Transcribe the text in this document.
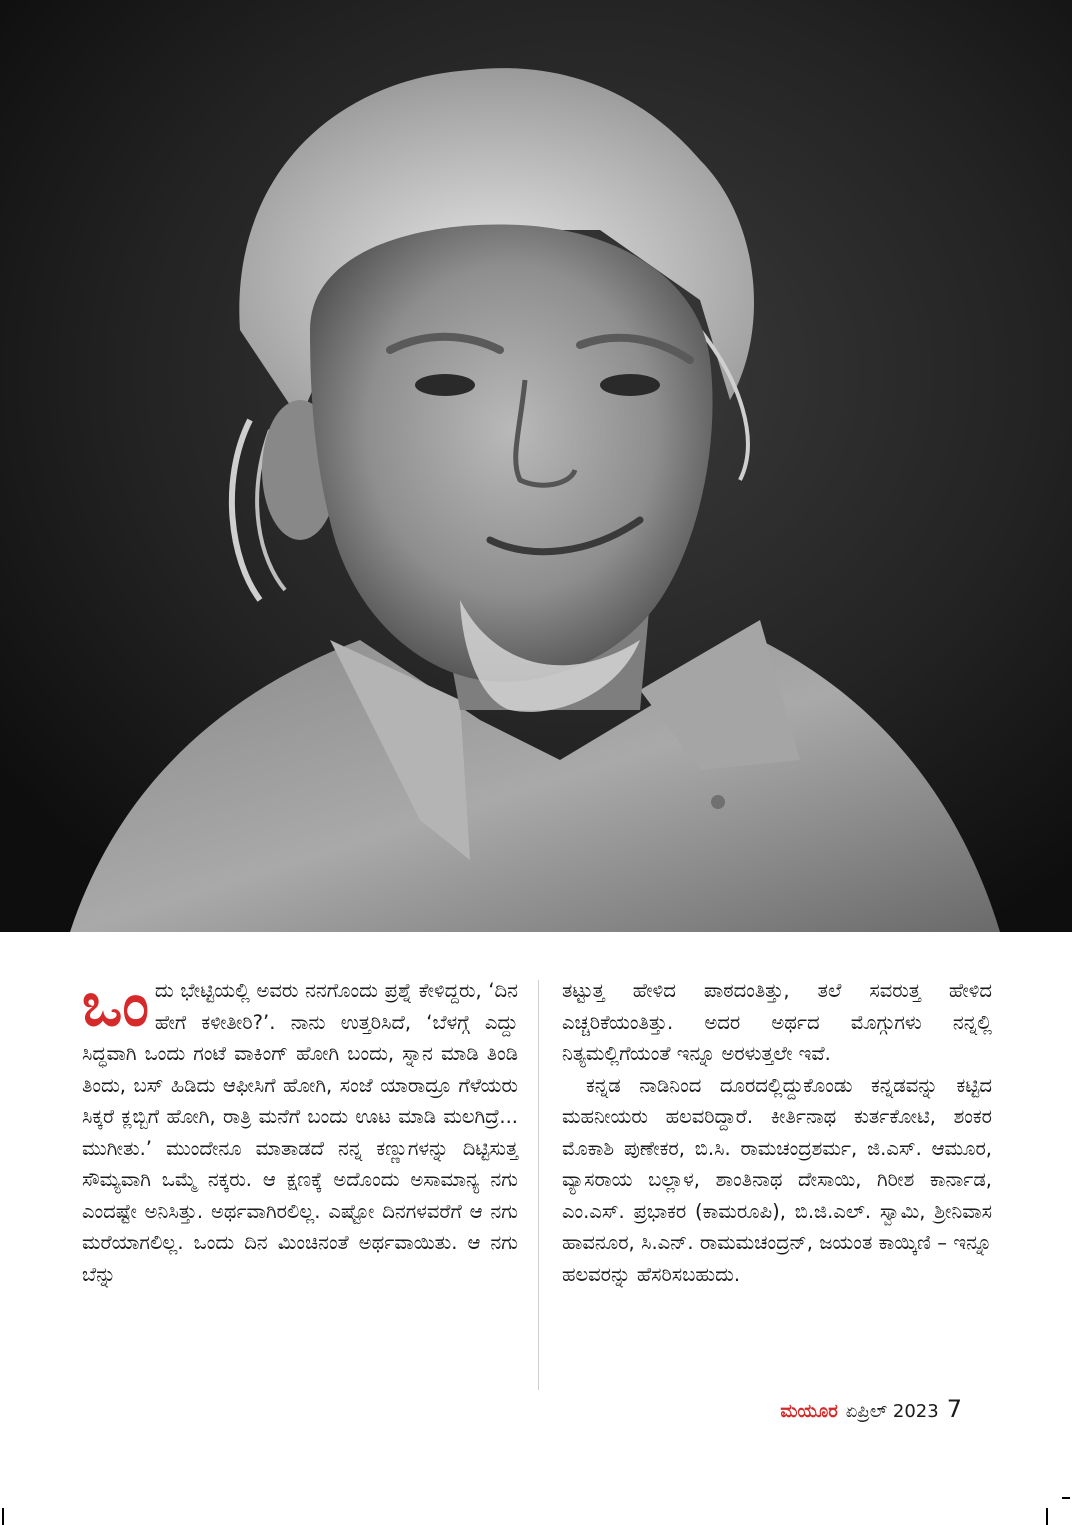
ಒಂದು ಭೇಟ್ಟಿಯಲ್ಲಿ ಅವರು ನನಗೊಂದು ಪ್ರಶ್ನೆ ಕೇಳಿದ್ದರು, ‘ದಿನ ಹೇಗೆ ಕಳೀತೀರಿ?’. ನಾನು ಉತ್ತರಿಸಿದೆ, ‘ಬೆಳಗ್ಗೆ ಎದ್ದು ಸಿದ್ಧವಾಗಿ ಒಂದು ಗಂಟೆ ವಾಕಿಂಗ್ ಹೋಗಿ ಬಂದು, ಸ್ನಾನ ಮಾಡಿ ತಿಂಡಿ ತಿಂದು, ಬಸ್ ಹಿಡಿದು ಆಫೀಸಿಗೆ ಹೋಗಿ, ಸಂಜೆ ಯಾರಾದ್ರೂ ಗೆಳೆಯರು ಸಿಕ್ಕರೆ ಕ್ಲಬ್ಬಿಗೆ ಹೋಗಿ, ರಾತ್ರಿ ಮನೆಗೆ ಬಂದು ಊಟ ಮಾಡಿ ಮಲಗಿದ್ರೆ... ಮುಗೀತು.’ ಮುಂದೇನೂ ಮಾತಾಡದೆ ನನ್ನ ಕಣ್ಣುಗಳನ್ನು ದಿಟ್ಟಿಸುತ್ತ ಸೌಮ್ಯವಾಗಿ ಒಮ್ಮೆ ನಕ್ಕರು. ಆ ಕ್ಷಣಕ್ಕೆ ಅದೊಂದು ಅಸಾಮಾನ್ಯ ನಗು ಎಂದಷ್ಟೇ ಅನಿಸಿತ್ತು. ಅರ್ಥವಾಗಿರಲಿಲ್ಲ. ಎಷ್ಟೋ ದಿನಗಳವರೆಗೆ ಆ ನಗು ಮರೆಯಾಗಲಿಲ್ಲ. ಒಂದು ದಿನ ಮಿಂಚಿನಂತೆ ಅರ್ಥವಾಯಿತು. ಆ ನಗು ಬೆನ್ನು

ತಟ್ಟುತ್ತ ಹೇಳಿದ ಪಾಠದಂತಿತ್ತು, ತಲೆ ಸವರುತ್ತ ಹೇಳಿದ ಎಚ್ಚರಿಕೆಯಂತಿತ್ತು. ಅದರ ಅರ್ಥದ ಮೊಗ್ಗುಗಳು ನನ್ನಲ್ಲಿ ನಿತ್ಯಮಲ್ಲಿಗೆಯಂತೆ ಇನ್ನೂ ಅರಳುತ್ತಲೇ ಇವೆ.

ಕನ್ನಡ ನಾಡಿನಿಂದ ದೂರದಲ್ಲಿದ್ದುಕೊಂಡು ಕನ್ನಡವನ್ನು ಕಟ್ಟಿದ ಮಹನೀಯರು ಹಲವರಿದ್ದಾರೆ. ಕೀರ್ತಿನಾಥ ಕುರ್ತಕೋಟಿ, ಶಂಕರ ಮೊಕಾಶಿ ಪುಣೇಕರ, ಬಿ.ಸಿ. ರಾಮಚಂದ್ರಶರ್ಮ, ಜಿ.ಎಸ್. ಆಮೂರ, ವ್ಯಾಸರಾಯ ಬಲ್ಲಾಳ, ಶಾಂತಿನಾಥ ದೇಸಾಯಿ, ಗಿರೀಶ ಕಾರ್ನಾಡ, ಎಂ.ಎಸ್. ಪ್ರಭಾಕರ (ಕಾಮರೂಪಿ), ಬಿ.ಜಿ.ಎಲ್. ಸ್ವಾಮಿ, ಶ್ರೀನಿವಾಸ ಹಾವನೂರ, ಸಿ.ಎನ್. ರಾಮಮಚಂದ್ರನ್, ಜಯಂತ ಕಾಯ್ಕಿಣಿ – ಇನ್ನೂ ಹಲವರನ್ನು ಹೆಸರಿಸಬಹುದು.

ಮಯೂರ ಏಪ್ರಿಲ್ 2023 7
